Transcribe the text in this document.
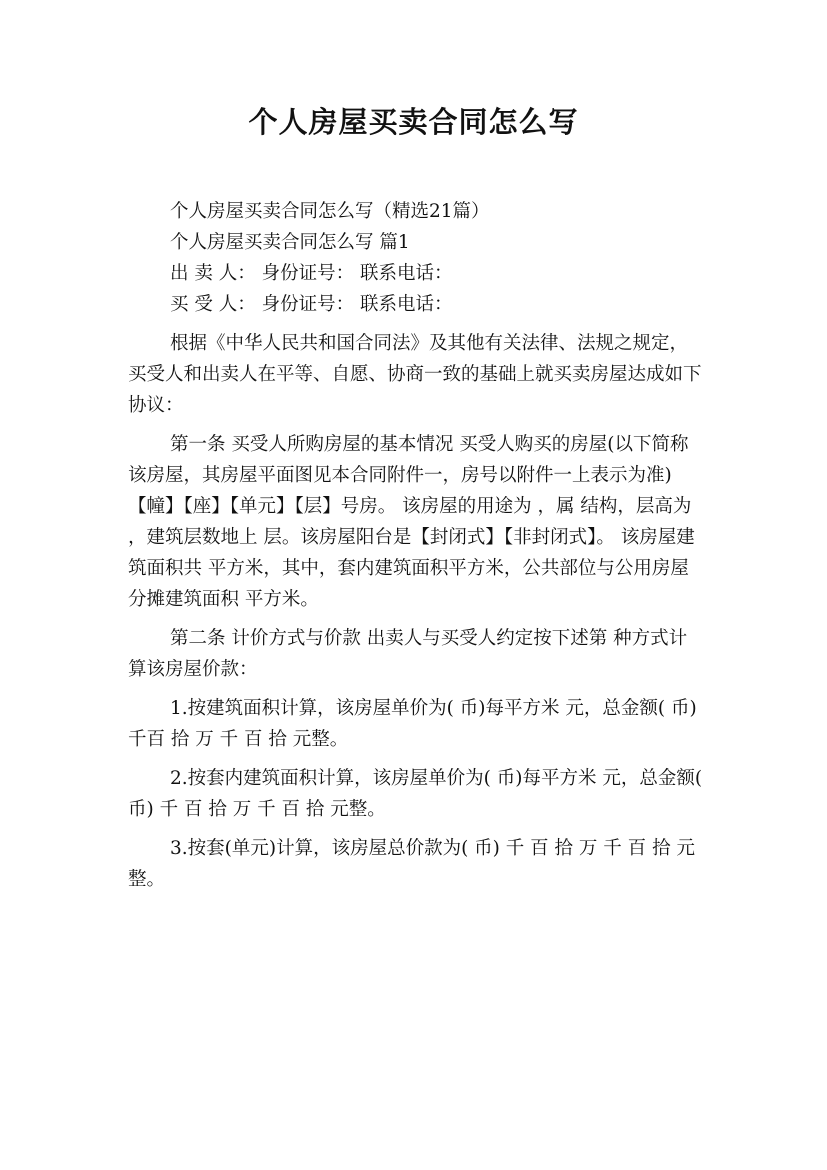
个人房屋买卖合同怎么写

个人房屋买卖合同怎么写（精选21篇）

个人房屋买卖合同怎么写 篇1

出 卖 人： 身份证号： 联系电话：

买 受 人： 身份证号： 联系电话：

根据《中华人民共和国合同法》及其他有关法律、法规之规定，买受人和出卖人在平等、自愿、协商一致的基础上就买卖房屋达成如下协议：

第一条 买受人所购房屋的基本情况 买受人购买的房屋(以下简称该房屋，其房屋平面图见本合同附件一，房号以附件一上表示为准) 【幢】【座】【单元】【层】号房。 该房屋的用途为 ，属 结构，层高为 ，建筑层数地上 层。该房屋阳台是【封闭式】【非封闭式】。 该房屋建筑面积共 平方米，其中，套内建筑面积平方米，公共部位与公用房屋分摊建筑面积 平方米。

第二条 计价方式与价款 出卖人与买受人约定按下述第 种方式计算该房屋价款：

1.按建筑面积计算，该房屋单价为( 币)每平方米 元，总金额( 币) 千百 拾 万 千 百 拾 元整。

2.按套内建筑面积计算，该房屋单价为( 币)每平方米 元，总金额( 币) 千 百 拾 万 千 百 拾 元整。

3.按套(单元)计算，该房屋总价款为( 币) 千 百 拾 万 千 百 拾 元整。
